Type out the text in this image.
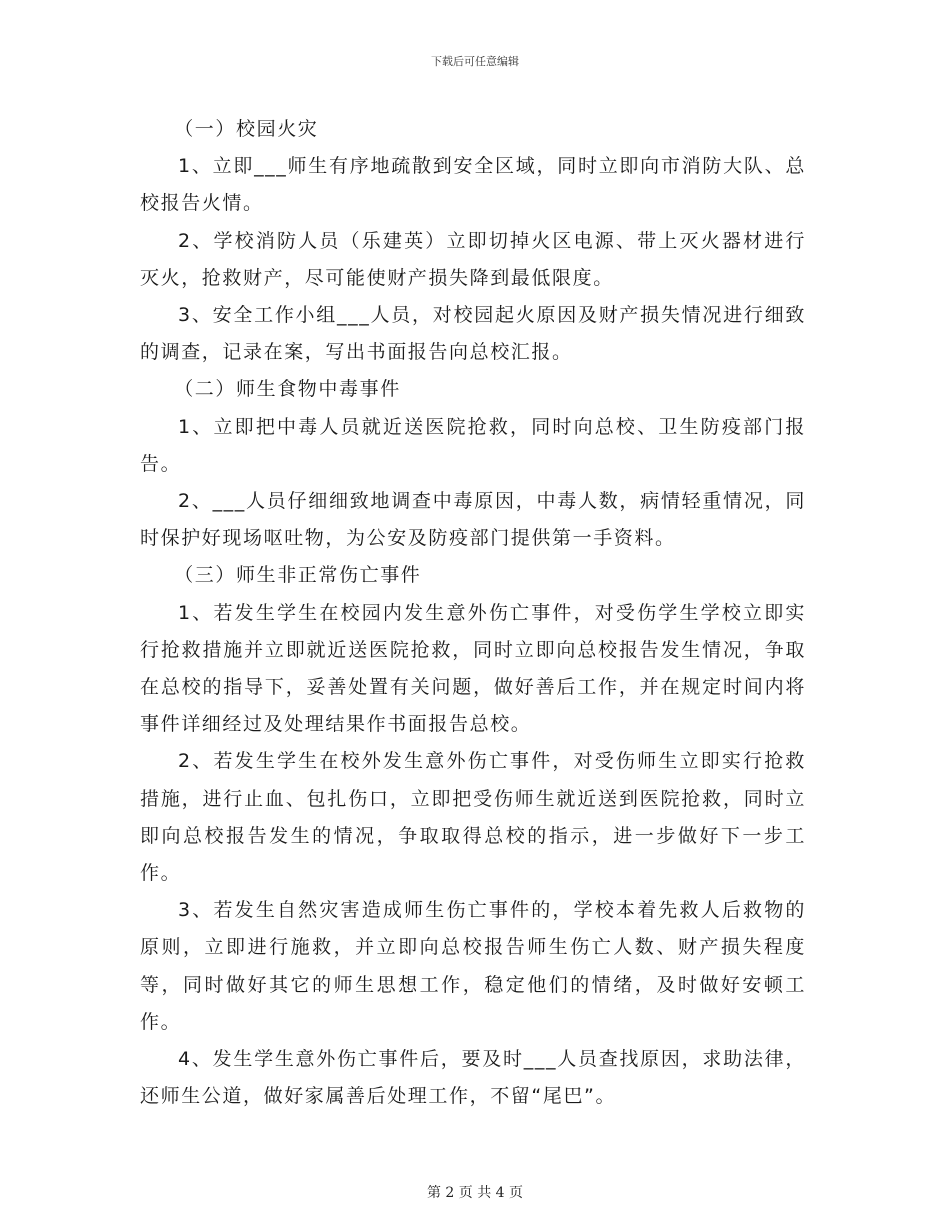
下载后可任意编辑

（一）校园火灾

1、立即___师生有序地疏散到安全区域，同时立即向市消防大队、总校报告火情。

2、学校消防人员（乐建英）立即切掉火区电源、带上灭火器材进行灭火，抢救财产，尽可能使财产损失降到最低限度。

3、安全工作小组___人员，对校园起火原因及财产损失情况进行细致的调查，记录在案，写出书面报告向总校汇报。

（二）师生食物中毒事件

1、立即把中毒人员就近送医院抢救，同时向总校、卫生防疫部门报告。

2、___人员仔细细致地调查中毒原因，中毒人数，病情轻重情况，同时保护好现场呕吐物，为公安及防疫部门提供第一手资料。

（三）师生非正常伤亡事件

1、若发生学生在校园内发生意外伤亡事件，对受伤学生学校立即实行抢救措施并立即就近送医院抢救，同时立即向总校报告发生情况，争取在总校的指导下，妥善处置有关问题，做好善后工作，并在规定时间内将事件详细经过及处理结果作书面报告总校。

2、若发生学生在校外发生意外伤亡事件，对受伤师生立即实行抢救措施，进行止血、包扎伤口，立即把受伤师生就近送到医院抢救，同时立即向总校报告发生的情况，争取取得总校的指示，进一步做好下一步工作。

3、若发生自然灾害造成师生伤亡事件的，学校本着先救人后救物的原则，立即进行施救，并立即向总校报告师生伤亡人数、财产损失程度等，同时做好其它的师生思想工作，稳定他们的情绪，及时做好安顿工作。

4、发生学生意外伤亡事件后，要及时___人员查找原因，求助法律，还师生公道，做好家属善后处理工作，不留“尾巴”。

第 2 页 共 4 页
